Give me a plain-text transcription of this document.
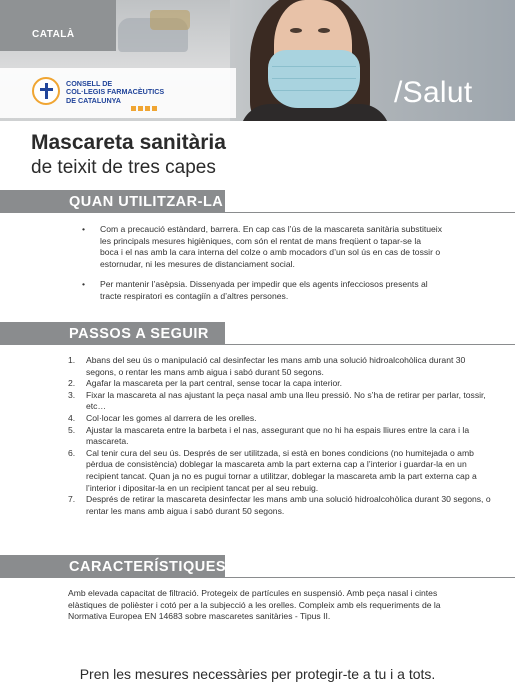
CATALÀ
CONSELL DE
COL·LEGIS FARMACÈUTICS
DE CATALUNYA	/Salut
Mascareta sanitària
de teixit de tres capes
QUAN UTILITZAR-LA
• Com a precaució estàndard, barrera. En cap cas l’ús de la mascareta sanitària substitueix les principals mesures higièniques, com són el rentat de mans freqüent o tapar-se la boca i el nas amb la cara interna del colze o amb mocadors d’un sol ús en cas de tossir o estornudar, ni les mesures de distanciament social.
• Per mantenir l’asèpsia. Dissenyada per impedir que els agents infecciosos presents al tracte respiratori es contagiïn a d’altres persones.
PASSOS A SEGUIR
1. Abans del seu ús o manipulació cal desinfectar les mans amb una solució hidroalcohòlica durant 30 segons, o rentar les mans amb aigua i sabó durant 50 segons.
2. Agafar la mascareta per la part central, sense tocar la capa interior.
3. Fixar la mascareta al nas ajustant la peça nasal amb una lleu pressió. No s’ha de retirar per parlar, tossir, etc…
4. Col·locar les gomes al darrera de les orelles.
5. Ajustar la mascareta entre la barbeta i el nas, assegurant que no hi ha espais lliures entre la cara i la mascareta.
6. Cal tenir cura del seu ús. Després de ser utilitzada, si està en bones condicions (no humitejada o amb pèrdua de consistència) doblegar la mascareta amb la part externa cap a l’interior i guardar-la en un recipient tancat. Quan ja no es pugui tornar a utilitzar, doblegar la mascareta amb la part externa cap a l’interior i dipositar-la en un recipient tancat per al seu rebuig.
7. Després de retirar la mascareta desinfectar les mans amb una solució hidroalcohòlica durant 30 segons, o rentar les mans amb aigua i sabó durant 50 segons.
CARACTERÍSTIQUES

Amb elevada capacitat de filtració. Protegeix de partícules en suspensió. Amb peça nasal i cintes elàstiques de polièster i cotó per a la subjecció a les orelles. Compleix amb els requeriments de la Normativa Europea EN 14683 sobre mascaretes sanitàries - Tipus II.

Pren les mesures necessàries per protegir-te a tu i a tots.
